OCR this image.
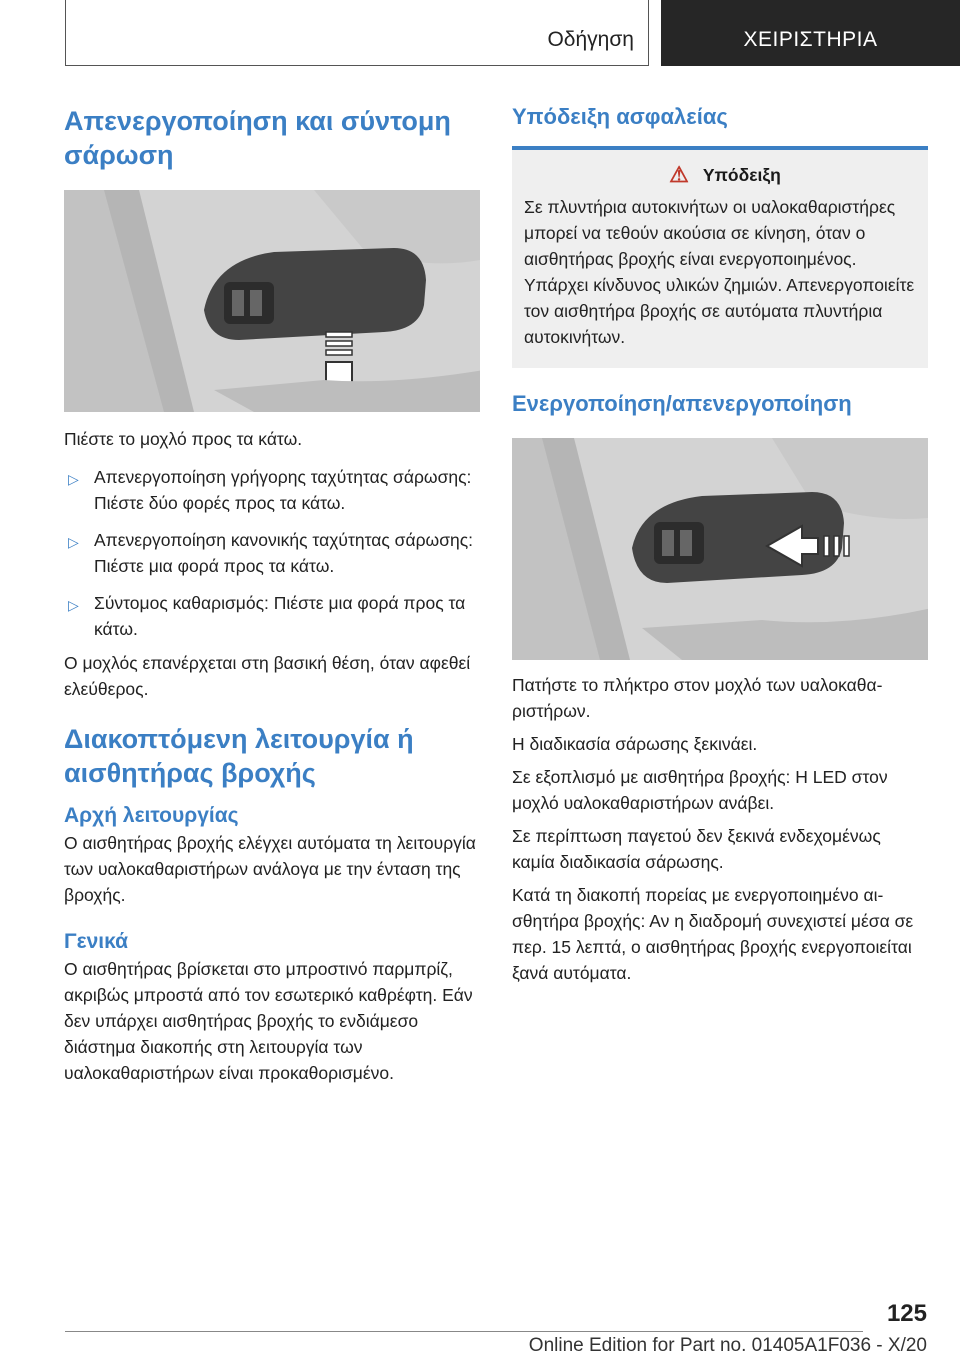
Οδήγηση	ΧΕΙΡΙΣΤΗΡΙΑ
Απενεργοποίηση και σύντομη σάρωση
Πιέστε το μοχλό προς τα κάτω.
▷ Απενεργοποίηση γρήγορης ταχύτητας σάρωσης: Πιέστε δύο φορές προς τα κάτω.
▷ Απενεργοποίηση κανονικής ταχύτητας σάρωσης: Πιέστε μια φορά προς τα κάτω.
▷ Σύντομος καθαρισμός: Πιέστε μια φορά προς τα κάτω.
Ο μοχλός επανέρχεται στη βασική θέση, όταν αφεθεί ελεύθερος.
Διακοπτόμενη λειτουργία ή αισθητήρας βροχής
Αρχή λειτουργίας
Ο αισθητήρας βροχής ελέγχει αυτόματα τη λειτουργία των υαλοκαθαριστήρων ανάλογα με την ένταση της βροχής.
Γενικά
Ο αισθητήρας βρίσκεται στο μπροστινό παρμπρίζ, ακριβώς μπροστά από τον εσωτερικό καθρέφτη. Εάν δεν υπάρχει αισθητήρας βροχής το ενδιάμεσο διάστημα διακοπής στη λειτουργία των υαλοκαθαριστήρων είναι προκαθορισμένο.
Υπόδειξη ασφαλείας
⚠ Υπόδειξη
Σε πλυντήρια αυτοκινήτων οι υαλοκαθαριστήρες μπορεί να τεθούν ακούσια σε κίνηση, όταν ο αισθητήρας βροχής είναι ενεργοποιημένος. Υπάρχει κίνδυνος υλικών ζημιών. Απενεργοποιείτε τον αισθητήρα βροχής σε αυτόματα πλυντήρια αυτοκινήτων.
Ενεργοποίηση/απενεργοποίηση
Πατήστε το πλήκτρο στον μοχλό των υαλοκαθαριστήρων.
Η διαδικασία σάρωσης ξεκινάει.
Σε εξοπλισμό με αισθητήρα βροχής: Η LED στον μοχλό υαλοκαθαριστήρων ανάβει.
Σε περίπτωση παγετού δεν ξεκινά ενδεχομένως καμία διαδικασία σάρωσης.
Κατά τη διακοπή πορείας με ενεργοποιημένο αισθητήρα βροχής: Αν η διαδρομή συνεχιστεί μέσα σε περ. 15 λεπτά, ο αισθητήρας βροχής ενεργοποιείται ξανά αυτόματα.
125
Online Edition for Part no. 01405A1F036 - X/20
